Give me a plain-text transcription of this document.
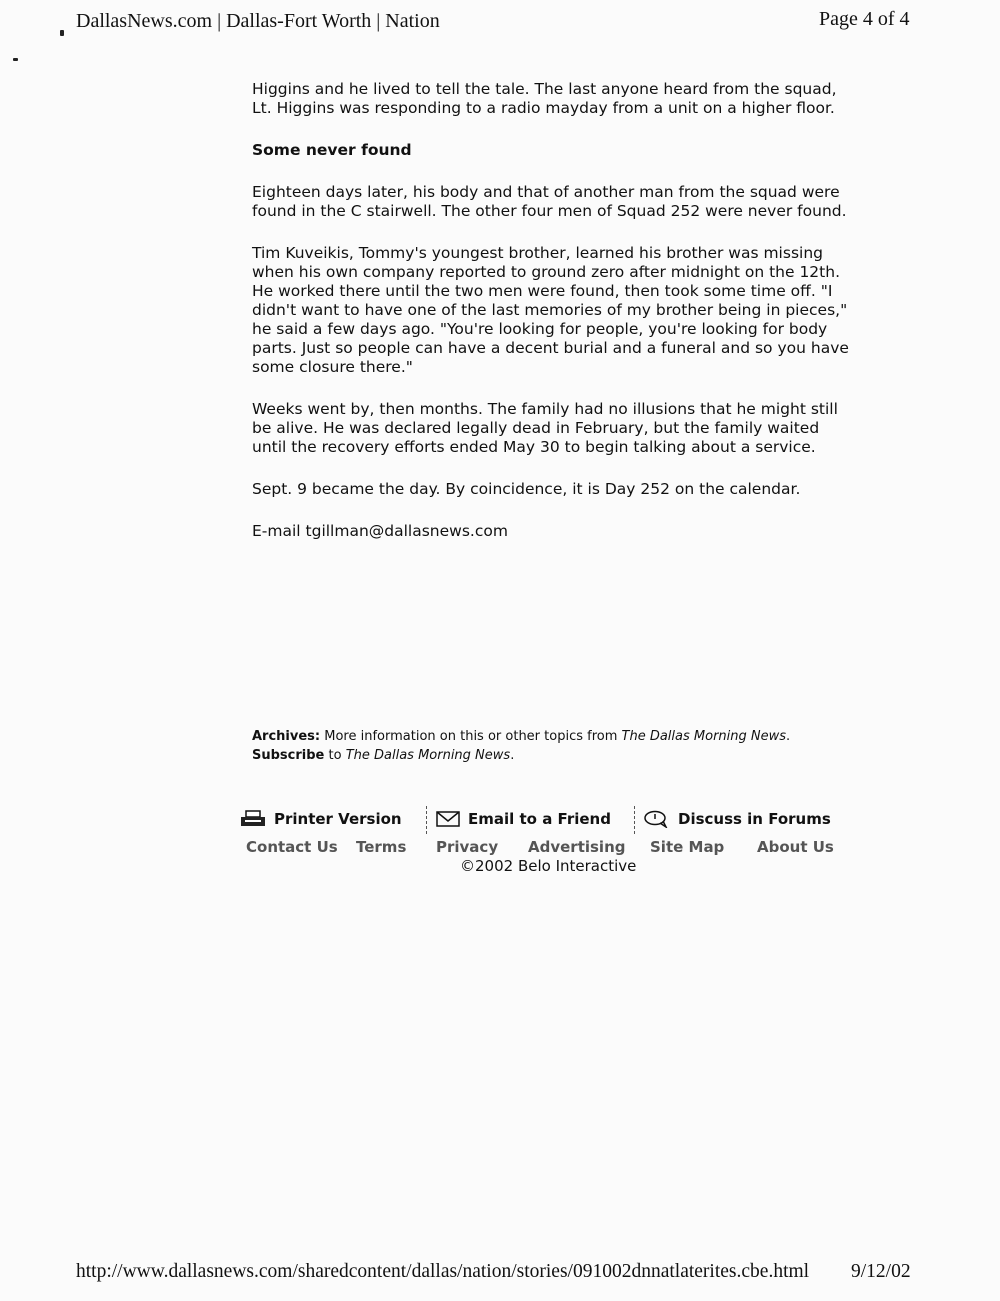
DallasNews.com | Dallas-Fort Worth | Nation	Page 4 of 4

Higgins and he lived to tell the tale. The last anyone heard from the squad, Lt. Higgins was responding to a radio mayday from a unit on a higher floor.

Some never found

Eighteen days later, his body and that of another man from the squad were found in the C stairwell. The other four men of Squad 252 were never found.

Tim Kuveikis, Tommy's youngest brother, learned his brother was missing when his own company reported to ground zero after midnight on the 12th. He worked there until the two men were found, then took some time off. "I didn't want to have one of the last memories of my brother being in pieces," he said a few days ago. "You're looking for people, you're looking for body parts. Just so people can have a decent burial and a funeral and so you have some closure there."

Weeks went by, then months. The family had no illusions that he might still be alive. He was declared legally dead in February, but the family waited until the recovery efforts ended May 30 to begin talking about a service.

Sept. 9 became the day. By coincidence, it is Day 252 on the calendar.

E-mail tgillman@dallasnews.com

Archives: More information on this or other topics from The Dallas Morning News.
Subscribe to The Dallas Morning News.
Printer Version	Email to a Friend	Discuss in Forums
Contact Us Terms Privacy Advertising Site Map About Us
©2002 Belo Interactive
http://www.dallasnews.com/sharedcontent/dallas/nation/stories/091002dnnatlaterites.cbe.html 9/12/02
